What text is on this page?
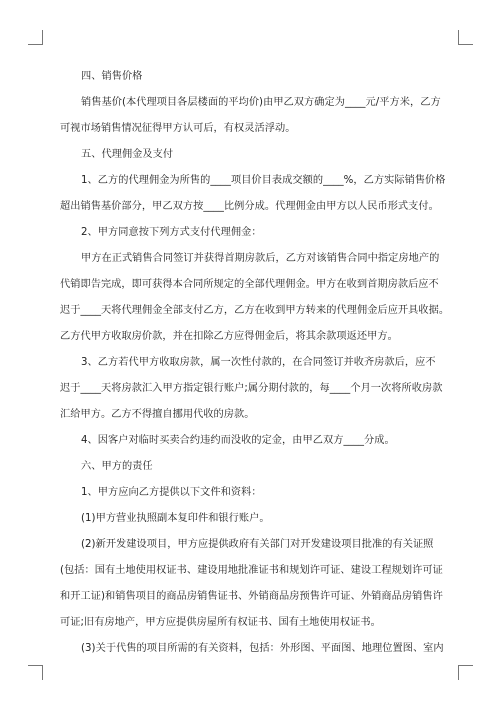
四、销售价格
销售基价(本代理项目各层楼面的平均价)由甲乙双方确定为____元/平方米，乙方
可视市场销售情况征得甲方认可后，有权灵活浮动。
五、代理佣金及支付
1、乙方的代理佣金为所售的____项目价目表成交额的____%，乙方实际销售价格
超出销售基价部分，甲乙双方按____比例分成。代理佣金由甲方以人民币形式支付。
2、甲方同意按下列方式支付代理佣金：
甲方在正式销售合同签订并获得首期房款后，乙方对该销售合同中指定房地产的
代销即告完成，即可获得本合同所规定的全部代理佣金。甲方在收到首期房款后应不
迟于____天将代理佣金全部支付乙方，乙方在收到甲方转来的代理佣金后应开具收据。
乙方代甲方收取房价款，并在扣除乙方应得佣金后，将其余款项返还甲方。
3、乙方若代甲方收取房款，属一次性付款的，在合同签订并收齐房款后，应不
迟于____天将房款汇入甲方指定银行账户;属分期付款的，每____个月一次将所收房款
汇给甲方。乙方不得擅自挪用代收的房款。
4、因客户对临时买卖合约违约而没收的定金，由甲乙双方____分成。
六、甲方的责任
1、甲方应向乙方提供以下文件和资料：
(1)甲方营业执照副本复印件和银行账户。
(2)新开发建设项目，甲方应提供政府有关部门对开发建设项目批准的有关证照
(包括：国有土地使用权证书、建设用地批准证书和规划许可证、建设工程规划许可证
和开工证)和销售项目的商品房销售证书、外销商品房预售许可证、外销商品房销售许
可证;旧有房地产，甲方应提供房屋所有权证书、国有土地使用权证书。
(3)关于代售的项目所需的有关资料，包括：外形图、平面图、地理位置图、室内
